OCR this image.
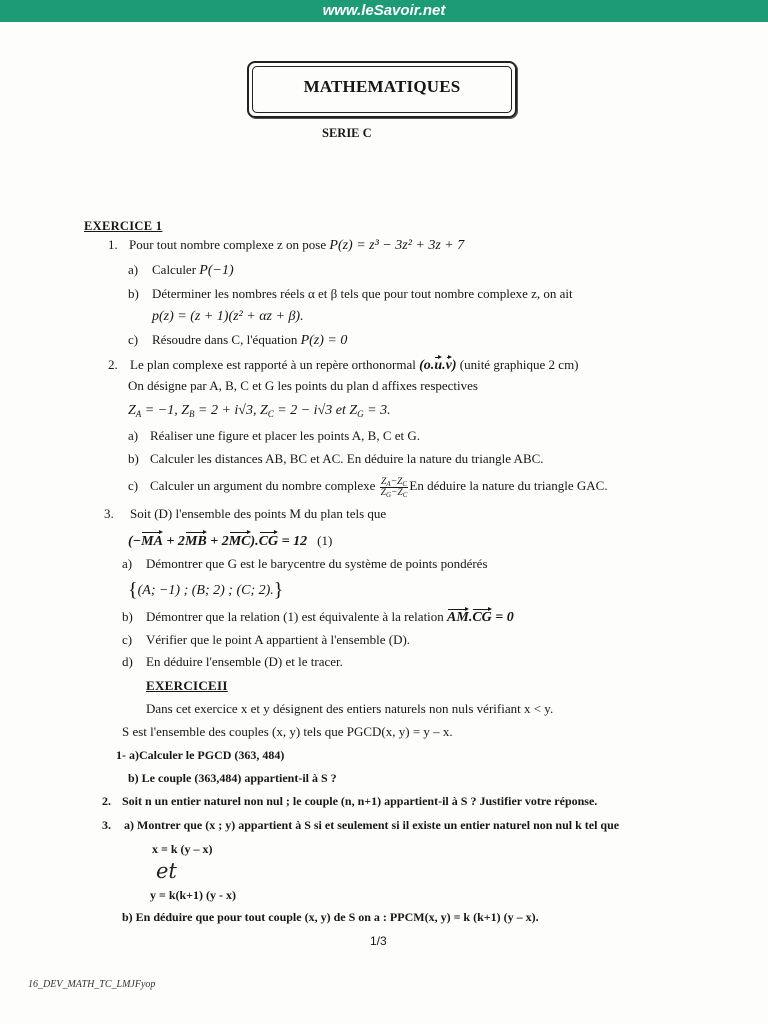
www.leSavoir.net
MATHEMATIQUES
SERIE C
EXERCICE 1
1. Pour tout nombre complexe z on pose P(z) = z³ − 3z² + 3z + 7
a) Calculer P(−1)
b) Déterminer les nombres réels α et β tels que pour tout nombre complexe z, on ait
p(z) = (z + 1)(z² + αz + β).
c) Résoudre dans C, l'équation P(z) = 0
2. Le plan complexe est rapporté à un repère orthonormal (o.u.v) (unité graphique 2 cm)
On désigne par A, B, C et G les points du plan d affixes respectives
$Z_A = -1$, $Z_B = 2 + i√3$, $Z_C = 2 - i√3$ et $Z_G = 3$.
a) Réaliser une figure et placer les points A, B, C et G.
b) Calculer les distances AB, BC et AC. En déduire la nature du triangle ABC.
c) Calculer un argument du nombre complexe $\frac{Z_A-Z_C}{Z_G-Z_C}$ En déduire la nature du triangle GAC.
3. Soit (D) l'ensemble des points M du plan tels que
(−MA + 2MB + 2MC).CG = 12 (1)
a) Démontrer que G est le barycentre du système de points pondérés
{(A; −1) ; (B; 2) ; (C; 2).}
b) Démontrer que la relation (1) est équivalente à la relation AM.CG = 0
c) Vérifier que le point A appartient à l'ensemble (D).
d) En déduire l'ensemble (D) et le tracer.
EXERCICEII
Dans cet exercice x et y désignent des entiers naturels non nuls vérifiant x < y.
S est l'ensemble des couples (x, y) tels que PGCD(x, y) = y – x.
1- a)Calculer le PGCD (363, 484)
b) Le couple (363,484) appartient-il à S ?
2. Soit n un entier naturel non nul ; le couple (n, n+1) appartient-il à S ? Justifier votre réponse.
3. a) Montrer que (x ; y) appartient à S si et seulement si il existe un entier naturel non nul k tel que
x = k (y – x)
et
y = k(k+1) (y - x)
b) En déduire que pour tout couple (x, y) de S on a : PPCM(x, y) = k (k+1) (y – x).
1/3
16_DEV_MATH_TC_LMJFyop
